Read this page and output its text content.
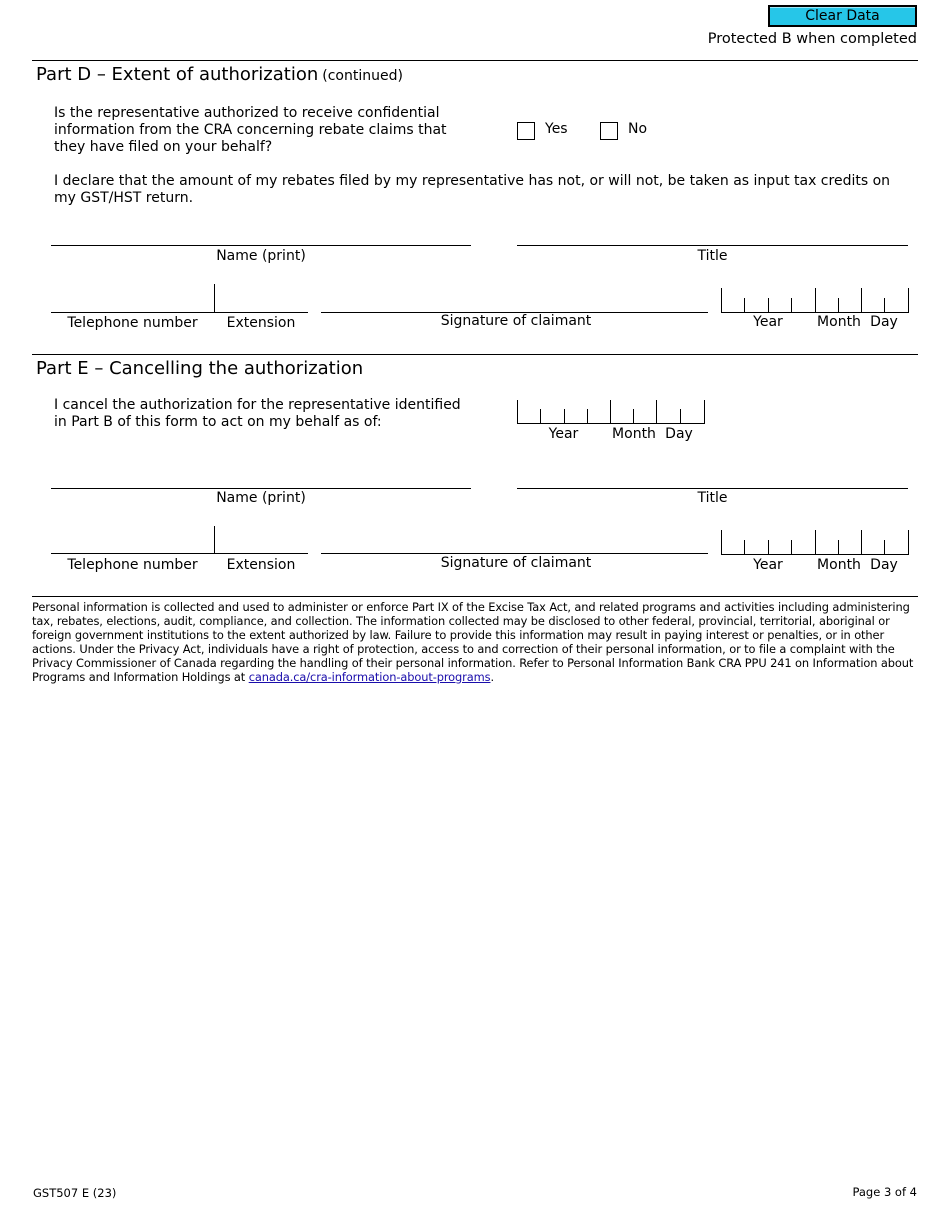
Clear Data
Protected B when completed
Part D – Extent of authorization (continued)
Is the representative authorized to receive confidential information from the CRA concerning rebate claims that they have filed on your behalf?
Yes	No
I declare that the amount of my rebates filed by my representative has not, or will not, be taken as input tax credits on my GST/HST return.
Name (print)	Title
Telephone number	Extension	Signature of claimant	Year	Month Day
Part E – Cancelling the authorization
I cancel the authorization for the representative identified in Part B of this form to act on my behalf as of:
Year	Month Day
Name (print)	Title
Telephone number	Extension	Signature of claimant	Year	Month Day
Personal information is collected and used to administer or enforce Part IX of the Excise Tax Act, and related programs and activities including administering tax, rebates, elections, audit, compliance, and collection. The information collected may be disclosed to other federal, provincial, territorial, aboriginal or foreign government institutions to the extent authorized by law. Failure to provide this information may result in paying interest or penalties, or in other actions. Under the Privacy Act, individuals have a right of protection, access to and correction of their personal information, or to file a complaint with the Privacy Commissioner of Canada regarding the handling of their personal information. Refer to Personal Information Bank CRA PPU 241 on Information about Programs and Information Holdings at canada.ca/cra-information-about-programs.
GST507 E (23)	Page 3 of 4
